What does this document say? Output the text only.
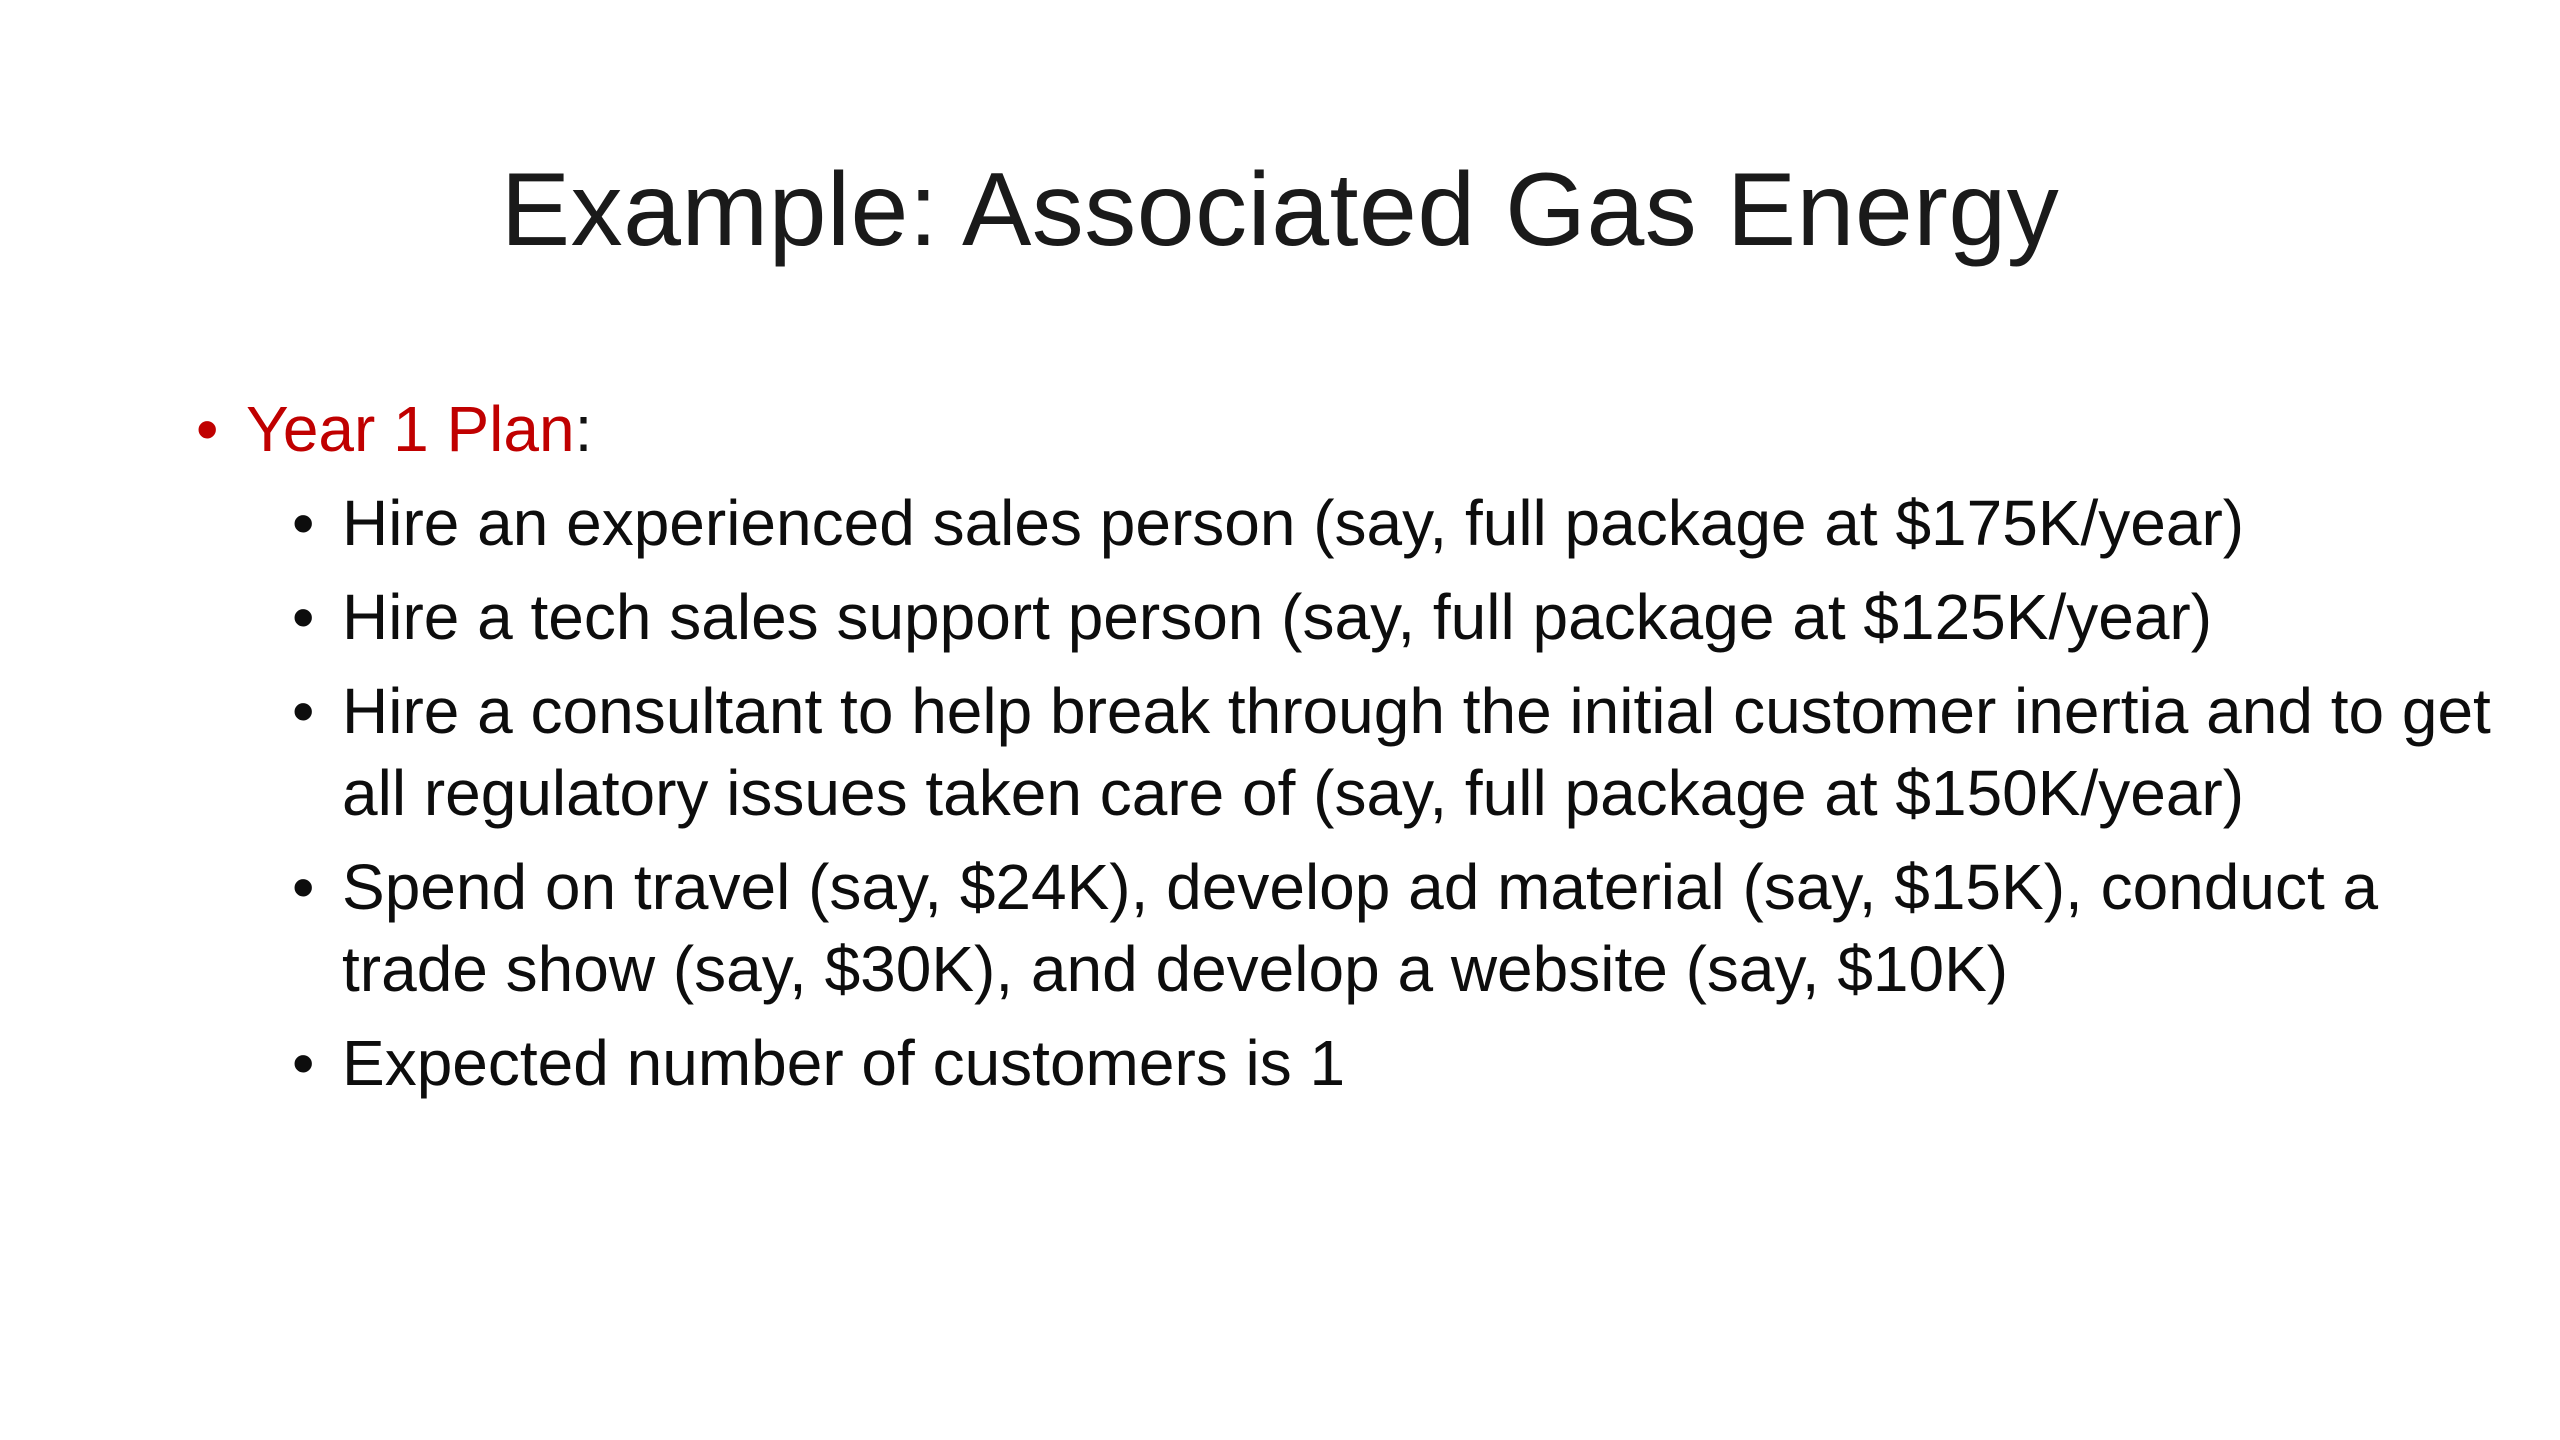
Example: Associated Gas Energy
• Year 1 Plan:
• Hire an experienced sales person (say, full package at $175K/year)
• Hire a tech sales support person (say, full package at $125K/year)
• Hire a consultant to help break through the initial customer inertia and to get all regulatory issues taken care of (say, full package at $150K/year)
• Spend on travel (say, $24K), develop ad material (say, $15K), conduct a trade show (say, $30K), and develop a website (say, $10K)
• Expected number of customers is 1
